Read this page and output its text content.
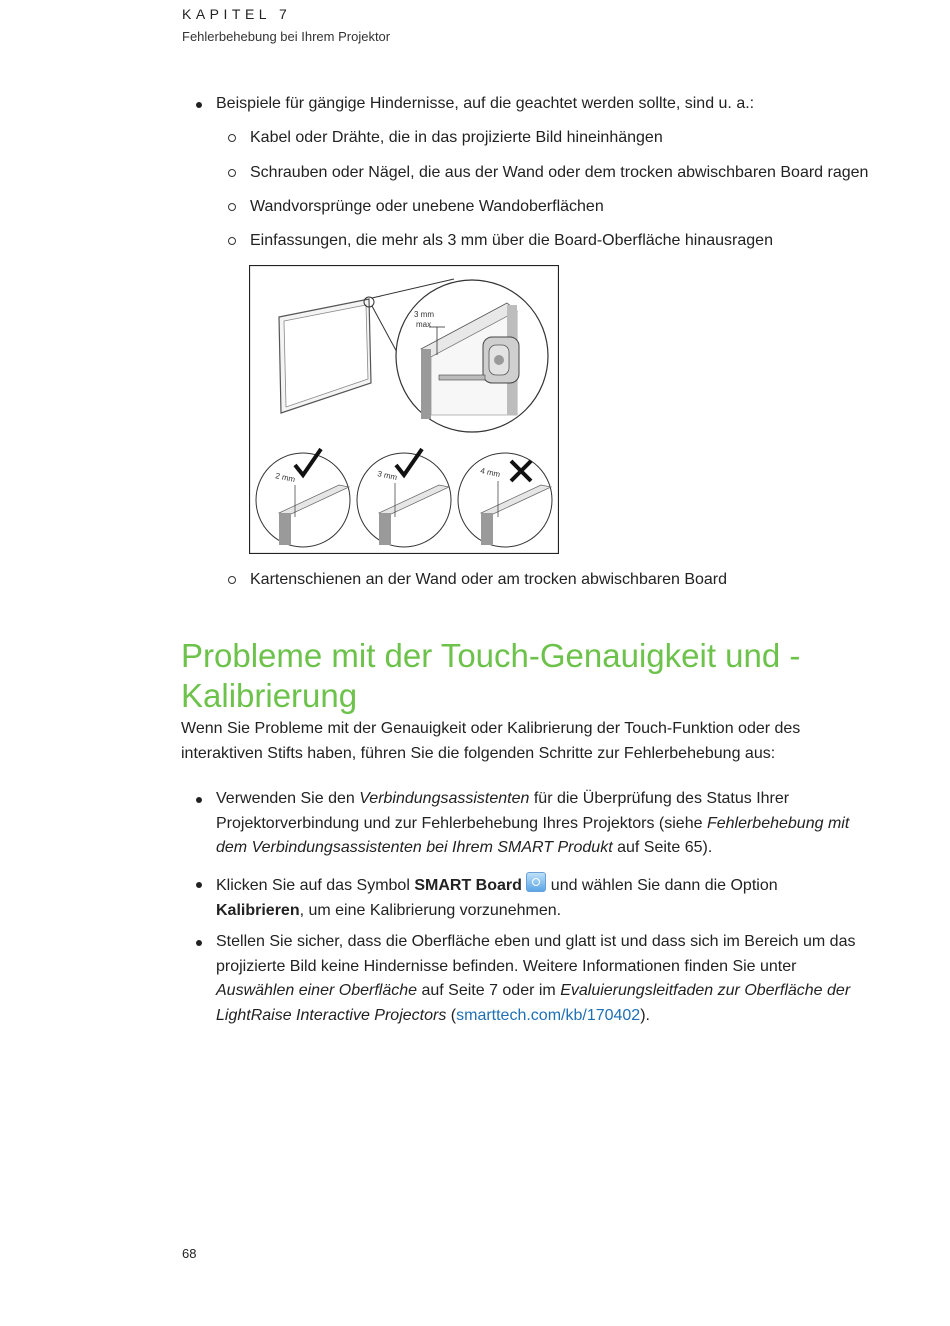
KAPITEL 7
Fehlerbehebung bei Ihrem Projektor
Beispiele für gängige Hindernisse, auf die geachtet werden sollte, sind u. a.:
Kabel oder Drähte, die in das projizierte Bild hineinhängen
Schrauben oder Nägel, die aus der Wand oder dem trocken abwischbaren Board ragen
Wandvorsprünge oder unebene Wandoberflächen
Einfassungen, die mehr als 3 mm über die Board-Oberfläche hinausragen
3 mm
max
2 mm	3 mm	4 mm
Kartenschienen an der Wand oder am trocken abwischbaren Board
Probleme mit der Touch-Genauigkeit und -
Kalibrierung
Wenn Sie Probleme mit der Genauigkeit oder Kalibrierung der Touch-Funktion oder des interaktiven Stifts haben, führen Sie die folgenden Schritte zur Fehlerbehebung aus:
Verwenden Sie den Verbindungsassistenten für die Überprüfung des Status Ihrer Projektorverbindung und zur Fehlerbehebung Ihres Projektors (siehe Fehlerbehebung mit dem Verbindungsassistenten bei Ihrem SMART Produkt auf Seite 65).
Klicken Sie auf das Symbol SMART Board  und wählen Sie dann die Option
Kalibrieren, um eine Kalibrierung vorzunehmen.
Stellen Sie sicher, dass die Oberfläche eben und glatt ist und dass sich im Bereich um das projizierte Bild keine Hindernisse befinden. Weitere Informationen finden Sie unter Auswählen einer Oberfläche auf Seite 7 oder im Evaluierungsleitfaden zur Oberfläche der LightRaise Interactive Projectors (smarttech.com/kb/170402).
68
